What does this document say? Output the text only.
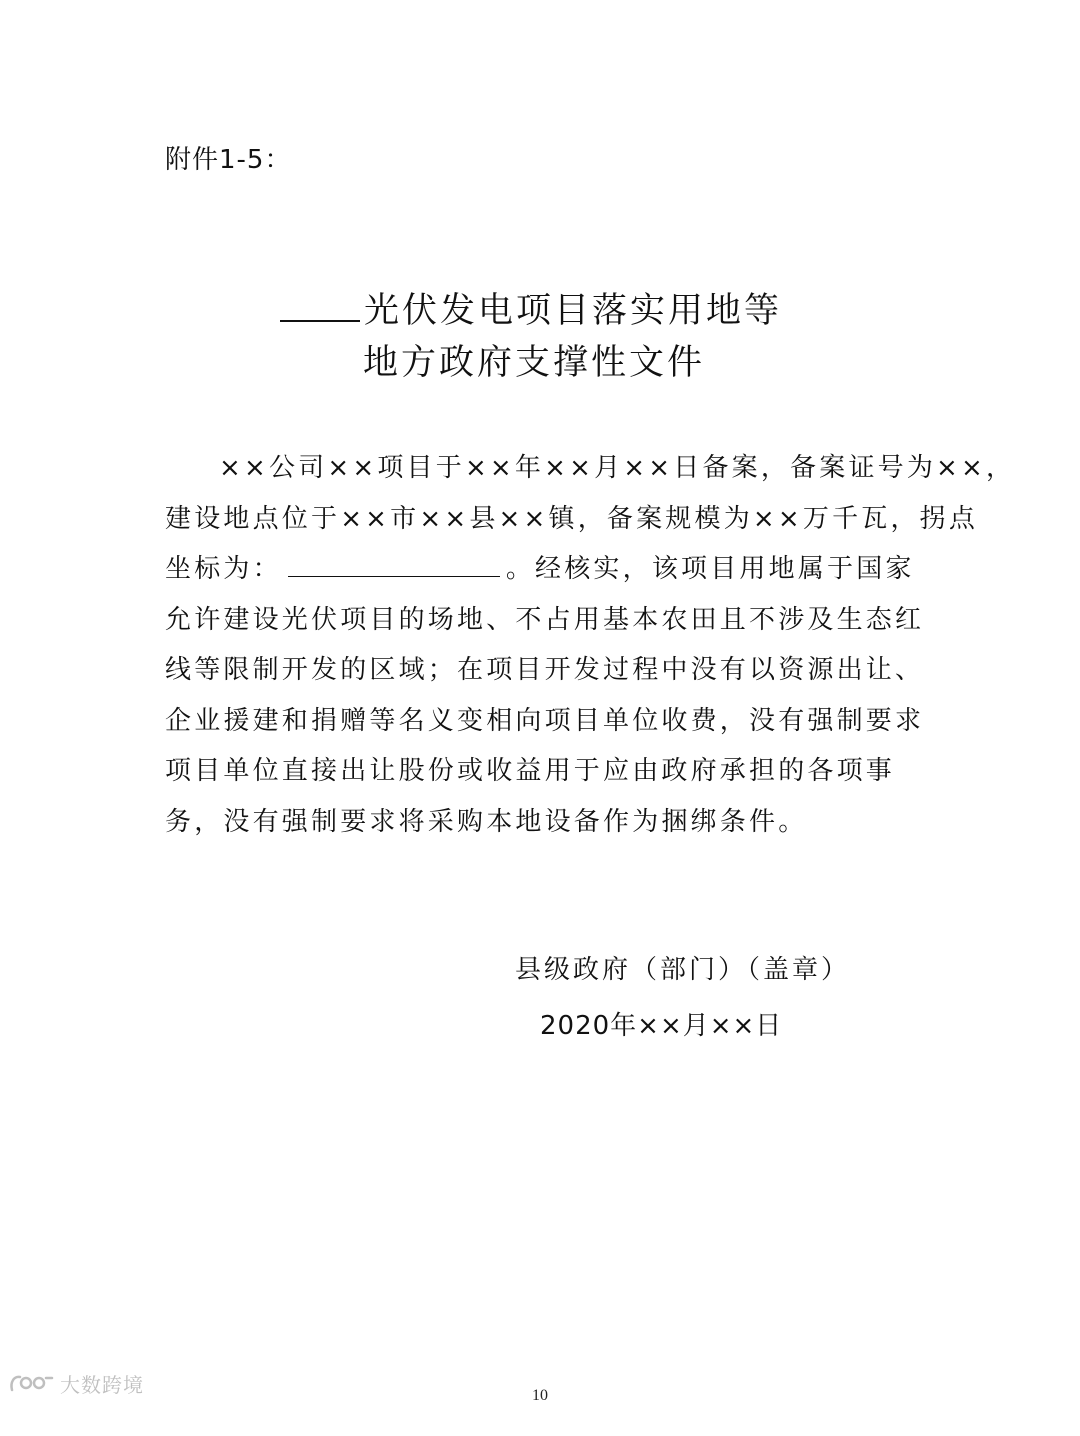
附件1-5：
光伏发电项目落实用地等
地方政府支撑性文件
××公司××项目于××年××月××日备案，备案证号为××，
建设地点位于××市××县××镇，备案规模为××万千瓦，拐点
坐标为：	。经核实，该项目用地属于国家
允许建设光伏项目的场地、不占用基本农田且不涉及生态红
线等限制开发的区域；在项目开发过程中没有以资源出让、
企业援建和捐赠等名义变相向项目单位收费，没有强制要求
项目单位直接出让股份或收益用于应由政府承担的各项事
务，没有强制要求将采购本地设备作为捆绑条件。
县级政府（部门）（盖章）
2020年××月××日
大数跨境	10
